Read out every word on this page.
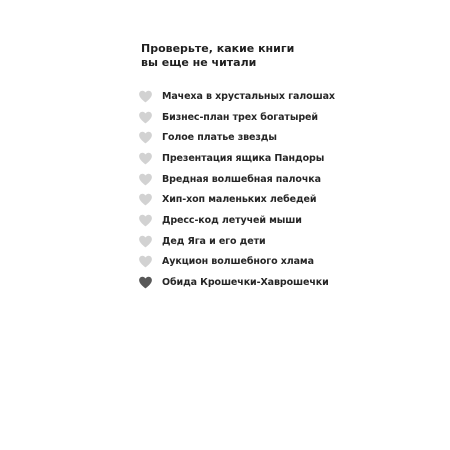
Проверьте, какие книги
вы еще не читали
Мачеха в хрустальных галошах
Бизнес-план трех богатырей
Голое платье звезды
Презентация ящика Пандоры
Вредная волшебная палочка
Хип-хоп маленьких лебедей
Дресс-код летучей мыши
Дед Яга и его дети
Аукцион волшебного хлама
Обида Крошечки-Хаврошечки
